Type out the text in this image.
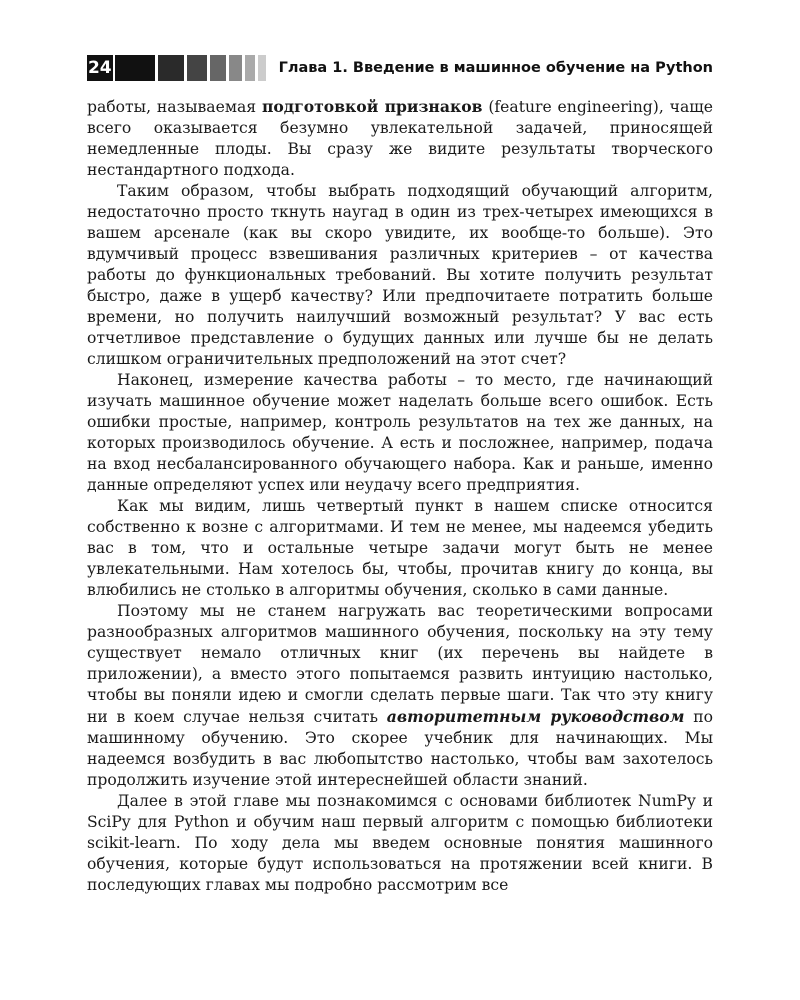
24	Глава 1. Введение в машинное обучение на Python

работы, называемая подготовкой признаков (feature engineering), чаще всего оказывается безумно увлекательной задачей, приносящей немедленные плоды. Вы сразу же видите результаты творческого нестандартного подхода.

Таким образом, чтобы выбрать подходящий обучающий алгоритм, недостаточно просто ткнуть наугад в один из трех-четырех имеющихся в вашем арсенале (как вы скоро увидите, их вообще-то больше). Это вдумчивый процесс взвешивания различных критериев – от качества работы до функциональных требований. Вы хотите получить результат быстро, даже в ущерб качеству? Или предпочитаете потратить больше времени, но получить наилучший возможный результат? У вас есть отчетливое представление о будущих данных или лучше бы не делать слишком ограничительных предположений на этот счет?

Наконец, измерение качества работы – то место, где начинающий изучать машинное обучение может наделать больше всего ошибок. Есть ошибки простые, например, контроль результатов на тех же данных, на которых производилось обучение. А есть и посложнее, например, подача на вход несбалансированного обучающего набора. Как и раньше, именно данные определяют успех или неудачу всего предприятия.

Как мы видим, лишь четвертый пункт в нашем списке относится собственно к возне с алгоритмами. И тем не менее, мы надеемся убедить вас в том, что и остальные четыре задачи могут быть не менее увлекательными. Нам хотелось бы, чтобы, прочитав книгу до конца, вы влюбились не столько в алгоритмы обучения, сколько в сами данные.

Поэтому мы не станем нагружать вас теоретическими вопросами разнообразных алгоритмов машинного обучения, поскольку на эту тему существует немало отличных книг (их перечень вы найдете в приложении), а вместо этого попытаемся развить интуицию настолько, чтобы вы поняли идею и смогли сделать первые шаги. Так что эту книгу ни в коем случае нельзя считать авторитетным руководством по машинному обучению. Это скорее учебник для начинающих. Мы надеемся возбудить в вас любопытство настолько, чтобы вам захотелось продолжить изучение этой интереснейшей области знаний.

Далее в этой главе мы познакомимся с основами библиотек NumPy и SciPy для Python и обучим наш первый алгоритм с помощью библиотеки scikit-learn. По ходу дела мы введем основные понятия машинного обучения, которые будут использоваться на протяжении всей книги. В последующих главах мы подробно рассмотрим все
